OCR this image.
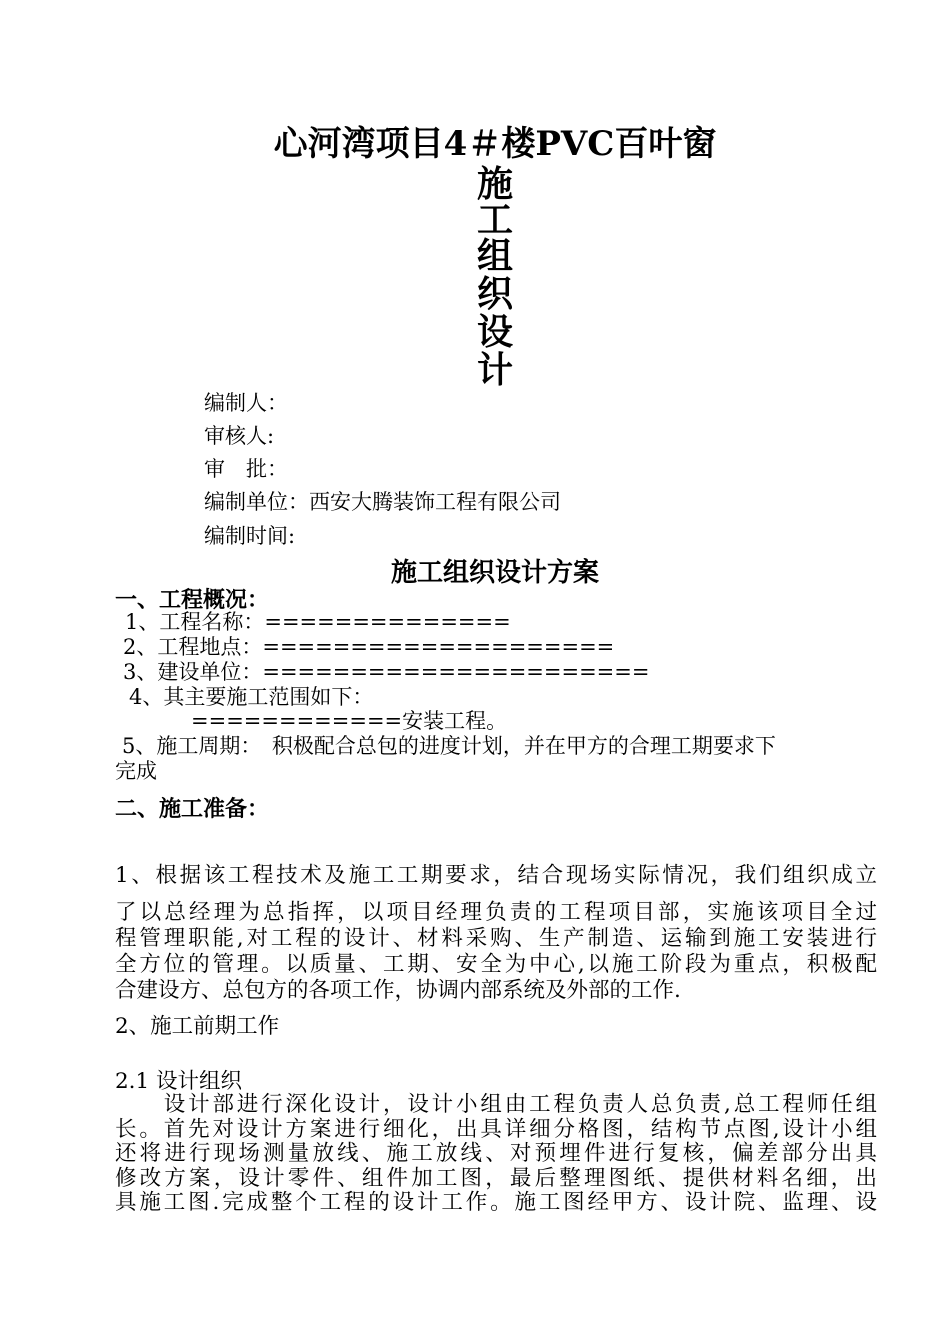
心河湾项目4＃楼PVC百叶窗
施
工
组
织
设
计
编制人：
审核人:
审　批：
编制单位：西安大腾装饰工程有限公司
编制时间:
施工组织设计方案
一、工程概况：
1、工程名称：==============
2、工程地点：====================
3、建设单位：======================
4、其主要施工范围如下：
============安装工程。
5、施工周期：　积极配合总包的进度计划，并在甲方的合理工期要求下
完成
二、施工准备：
1、根据该工程技术及施工工期要求，结合现场实际情况，我们组织成立
了以总经理为总指挥，以项目经理负责的工程项目部，实施该项目全过
程管理职能,对工程的设计、材料采购、生产制造、运输到施工安装进行
全方位的管理。以质量、工期、安全为中心,以施工阶段为重点，积极配
合建设方、总包方的各项工作，协调内部系统及外部的工作.
2、施工前期工作
2.1 设计组织
　　设计部进行深化设计，设计小组由工程负责人总负责,总工程师任组
长。首先对设计方案进行细化，出具详细分格图，结构节点图,设计小组
还将进行现场测量放线、施工放线、对预埋件进行复核，偏差部分出具
修改方案，设计零件、组件加工图，最后整理图纸、提供材料名细，出
具施工图.完成整个工程的设计工作。施工图经甲方、设计院、监理、设
